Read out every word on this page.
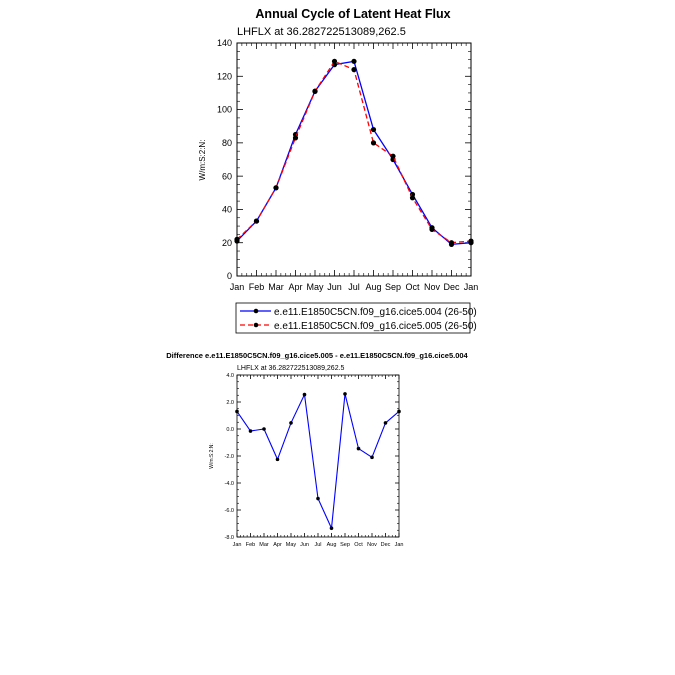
Annual Cycle of Latent Heat Flux
LHFLX at 36.282722513089,262.5
W/m:S:2:N:
0
20
40
60
80
100
120
140
Jan Feb Mar Apr May Jun Jul Aug Sep Oct Nov Dec Jan
e.e11.E1850C5CN.f09_g16.cice5.004 (26-50)
e.e11.E1850C5CN.f09_g16.cice5.005 (26-50)
Difference e.e11.E1850C5CN.f09_g16.cice5.005 - e.e11.E1850C5CN.f09_g16.cice5.004
LHFLX at 36.282722513089,262.5
W/m:S:2:N:
-8.0
-6.0
-4.0
-2.0
0.0
2.0
4.0
Jan Feb Mar Apr May Jun Jul Aug Sep Oct Nov Dec Jan
